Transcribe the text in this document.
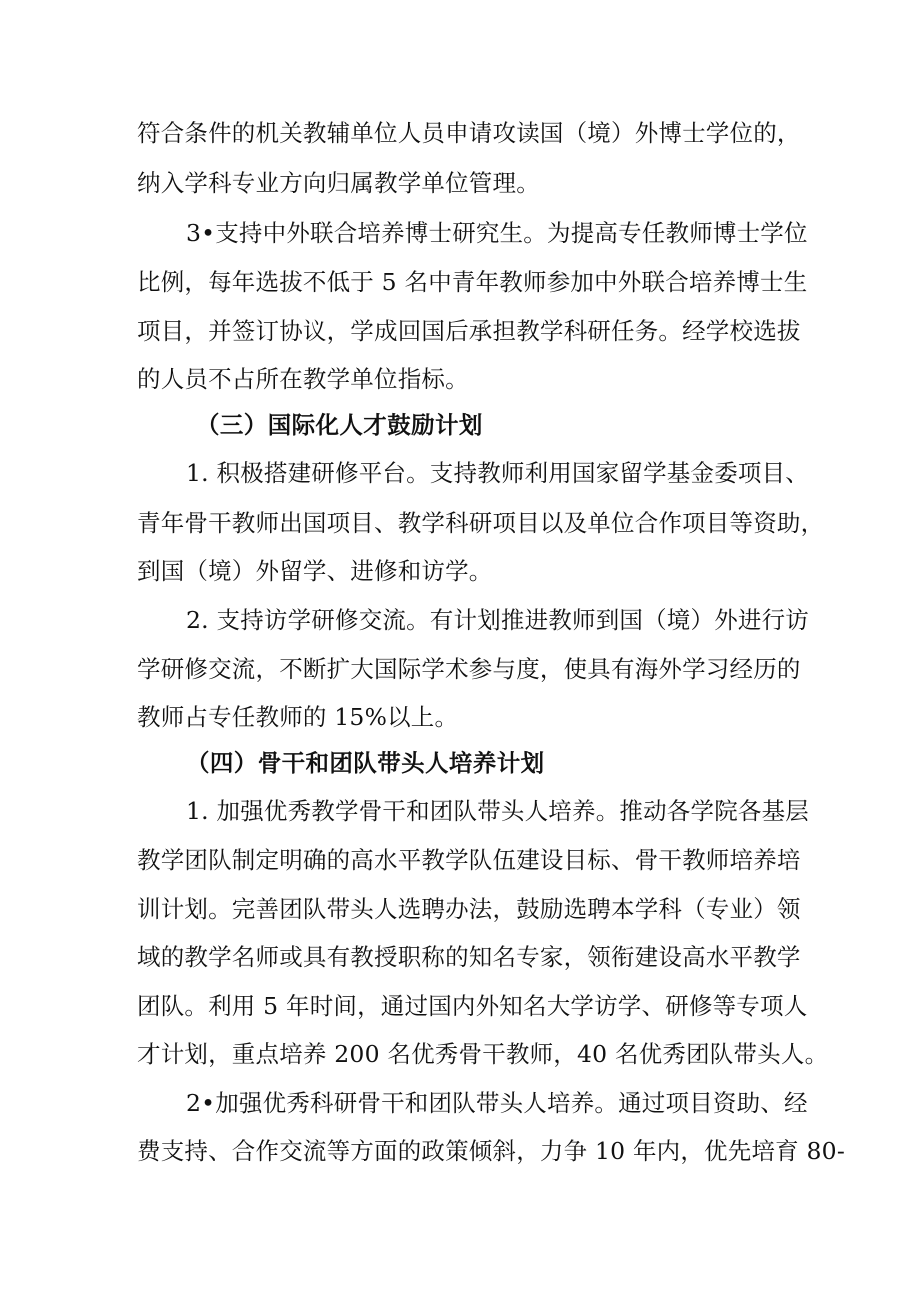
符合条件的机关教辅单位人员申请攻读国（境）外博士学位的，
纳入学科专业方向归属教学单位管理。
3•支持中外联合培养博士研究生。为提高专任教师博士学位
比例，每年选拔不低于 5 名中青年教师参加中外联合培养博士生
项目，并签订协议，学成回国后承担教学科研任务。经学校选拔
的人员不占所在教学单位指标。
（三）国际化人才鼓励计划
1. 积极搭建研修平台。支持教师利用国家留学基金委项目、
青年骨干教师出国项目、教学科研项目以及单位合作项目等资助，
到国（境）外留学、进修和访学。
2. 支持访学研修交流。有计划推进教师到国（境）外进行访
学研修交流，不断扩大国际学术参与度，使具有海外学习经历的
教师占专任教师的 15%以上。
（四）骨干和团队带头人培养计划
1. 加强优秀教学骨干和团队带头人培养。推动各学院各基层
教学团队制定明确的高水平教学队伍建设目标、骨干教师培养培
训计划。完善团队带头人选聘办法，鼓励选聘本学科（专业）领
域的教学名师或具有教授职称的知名专家，领衔建设高水平教学
团队。利用 5 年时间，通过国内外知名大学访学、研修等专项人
才计划，重点培养 200 名优秀骨干教师，40 名优秀团队带头人。
2•加强优秀科研骨干和团队带头人培养。通过项目资助、经
费支持、合作交流等方面的政策倾斜，力争 10 年内，优先培育 80-
